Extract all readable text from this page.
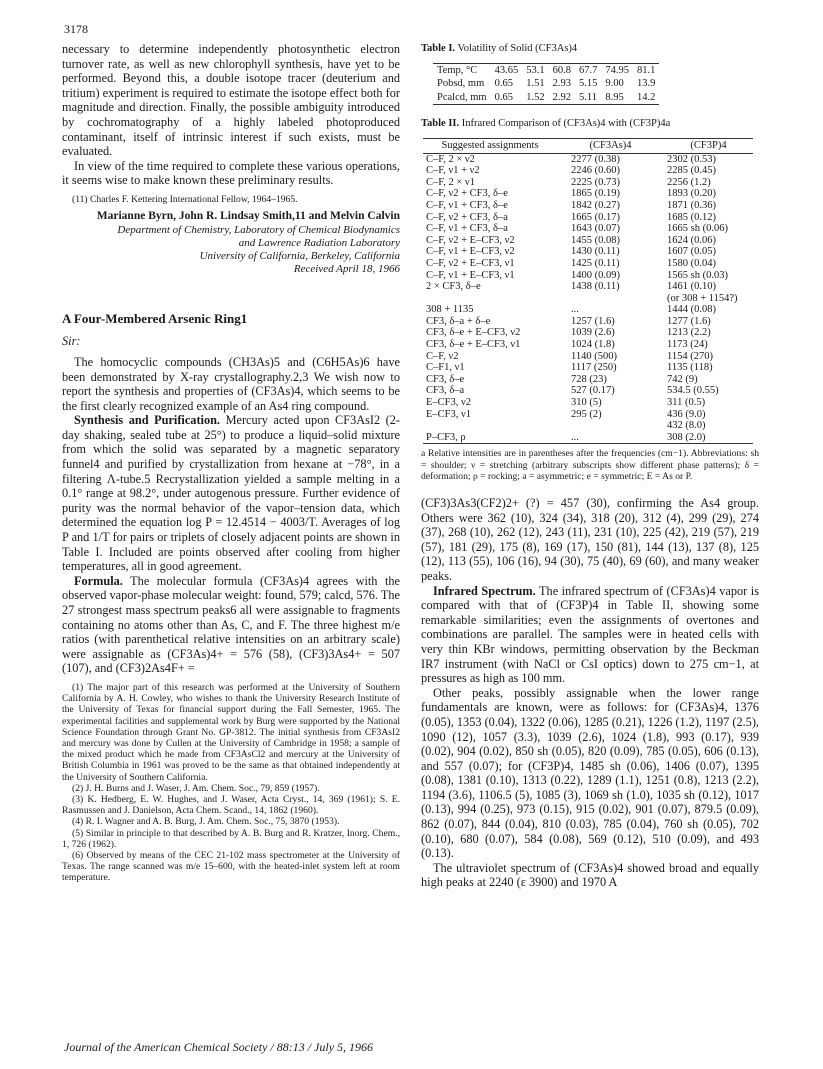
3178

necessary to determine independently photosynthetic electron turnover rate, as well as new chlorophyll synthesis, have yet to be performed. Beyond this, a double isotope tracer (deuterium and tritium) experiment is required to estimate the isotope effect both for magnitude and direction. Finally, the possible ambiguity introduced by cochromatography of a highly labeled photoproduced contaminant, itself of intrinsic interest if such exists, must be evaluated.

In view of the time required to complete these various operations, it seems wise to make known these preliminary results.

(11) Charles F. Kettering International Fellow, 1964–1965.

Marianne Byrn, John R. Lindsay Smith,11 and Melvin Calvin
Department of Chemistry, Laboratory of Chemical Biodynamics
and Lawrence Radiation Laboratory
University of California, Berkeley, California
Received April 18, 1966
A Four-Membered Arsenic Ring1
Sir:

The homocyclic compounds (CH3As)5 and (C6H5As)6 have been demonstrated by X-ray crystallography.2,3 We wish now to report the synthesis and properties of (CF3As)4, which seems to be the first clearly recognized example of an As4 ring compound.

Synthesis and Purification. Mercury acted upon CF3AsI2 (2-day shaking, sealed tube at 25°) to produce a liquid–solid mixture from which the solid was separated by a magnetic separatory funnel4 and purified by crystallization from hexane at −78°, in a filtering Λ-tube.5 Recrystallization yielded a sample melting in a 0.1° range at 98.2°, under autogenous pressure. Further evidence of purity was the normal behavior of the vapor–tension data, which determined the equation log P = 12.4514 − 4003/T. Averages of log P and 1/T for pairs or triplets of closely adjacent points are shown in Table I. Included are points observed after cooling from higher temperatures, all in good agreement.

Formula. The molecular formula (CF3As)4 agrees with the observed vapor-phase molecular weight: found, 579; calcd, 576. The 27 strongest mass spectrum peaks6 all were assignable to fragments containing no atoms other than As, C, and F. The three highest m/e ratios (with parenthetical relative intensities on an arbitrary scale) were assignable as (CF3As)4+ = 576 (58), (CF3)3As4+ = 507 (107), and (CF3)2As4F+ =

(1) The major part of this research was performed at the University of Southern California by A. H. Cowley, who wishes to thank the University Research Institute of the University of Texas for financial support during the Fall Semester, 1965. The experimental facilities and supplemental work by Burg were supported by the National Science Foundation through Grant No. GP-3812. The initial synthesis from CF3AsI2 and mercury was done by Cullen at the University of Cambridge in 1958; a sample of the mixed product which he made from CF3AsCl2 and mercury at the University of British Columbia in 1961 was proved to be the same as that obtained independently at the University of Southern California.

(2) J. H. Burns and J. Waser, J. Am. Chem. Soc., 79, 859 (1957).

(3) K. Hedberg, E. W. Hughes, and J. Waser, Acta Cryst., 14, 369 (1961); S. E. Rasmussen and J. Danielson, Acta Chem. Scand., 14, 1862 (1960).

(4) R. I. Wagner and A. B. Burg, J. Am. Chem. Soc., 75, 3870 (1953).

(5) Similar in principle to that described by A. B. Burg and R. Kratzer, Inorg. Chem., 1, 726 (1962).

(6) Observed by means of the CEC 21-102 mass spectrometer at the University of Texas. The range scanned was m/e 15–600, with the heated-inlet system left at room temperature.

Table I. Volatility of Solid (CF3As)4
Temp, °C	43.65	53.1	60.8	67.7	74.95	81.1
Pobsd, mm	0.65	1.51	2.93	5.15	9.00	13.9
Pcalcd, mm	0.65	1.52	2.92	5.11	8.95	14.2
Table II. Infrared Comparison of (CF3As)4 with (CF3P)4a
Suggested assignments	(CF3As)4	(CF3P)4
C–F, 2 × ν2	2277 (0.38)	2302 (0.53)
C–F, ν1 + ν2	2246 (0.60)	2285 (0.45)
C–F, 2 × ν1	2225 (0.73)	2256 (1.2)
C–F, ν2 + CF3, δ–e	1865 (0.19)	1893 (0.20)
C–F, ν1 + CF3, δ–e	1842 (0.27)	1871 (0.36)
C–F, ν2 + CF3, δ–a	1665 (0.17)	1685 (0.12)
C–F, ν1 + CF3, δ–a	1643 (0.07)	1665 sh (0.06)
C–F, ν2 + E–CF3, ν2	1455 (0.08)	1624 (0.06)
C–F, ν1 + E–CF3, ν2	1430 (0.11)	1607 (0.05)
C–F, ν2 + E–CF3, ν1	1425 (0.11)	1580 (0.04)
C–F, ν1 + E–CF3, ν1	1400 (0.09)	1565 sh (0.03)
2 × CF3, δ–e	1438 (0.11)	1461 (0.10)
		(or 308 + 1154?)
308 + 1135	...	1444 (0.08)
CF3, δ–a + δ–e	1257 (1.6)	1277 (1.6)
CF3, δ–e + E–CF3, ν2	1039 (2.6)	1213 (2.2)
CF3, δ–e + E–CF3, ν1	1024 (1.8)	1173 (24)
C–F, ν2	1140 (500)	1154 (270)
C–F1, ν1	1117 (250)	1135 (118)
CF3, δ–e	728 (23)	742 (9)
CF3, δ–a	527 (0.17)	534.5 (0.55)
E–CF3, ν2	310 (5)	311 (0.5)
E–CF3, ν1	295 (2)	436 (9.0)
		432 (8.0)
P–CF3, ρ	...	308 (2.0)
a Relative intensities are in parentheses after the frequencies (cm−1). Abbreviations: sh = shoulder; ν = stretching (arbitrary subscripts show different phase patterns); δ = deformation; ρ = rocking; a = asymmetric; e = symmetric; E = As or P.

(CF3)3As3(CF2)2+ (?) = 457 (30), confirming the As4 group. Others were 362 (10), 324 (34), 318 (20), 312 (4), 299 (29), 274 (37), 268 (10), 262 (12), 243 (11), 231 (10), 225 (42), 219 (57), 219 (57), 181 (29), 175 (8), 169 (17), 150 (81), 144 (13), 137 (8), 125 (12), 113 (55), 106 (16), 94 (30), 75 (40), 69 (60), and many weaker peaks.

Infrared Spectrum. The infrared spectrum of (CF3As)4 vapor is compared with that of (CF3P)4 in Table II, showing some remarkable similarities; even the assignments of overtones and combinations are parallel. The samples were in heated cells with very thin KBr windows, permitting observation by the Beckman IR7 instrument (with NaCl or CsI optics) down to 275 cm−1, at pressures as high as 100 mm.

Other peaks, possibly assignable when the lower range fundamentals are known, were as follows: for (CF3As)4, 1376 (0.05), 1353 (0.04), 1322 (0.06), 1285 (0.21), 1226 (1.2), 1197 (2.5), 1090 (12), 1057 (3.3), 1039 (2.6), 1024 (1.8), 993 (0.17), 939 (0.02), 904 (0.02), 850 sh (0.05), 820 (0.09), 785 (0.05), 606 (0.13), and 557 (0.07); for (CF3P)4, 1485 sh (0.06), 1406 (0.07), 1395 (0.08), 1381 (0.10), 1313 (0.22), 1289 (1.1), 1251 (0.8), 1213 (2.2), 1194 (3.6), 1106.5 (5), 1085 (3), 1069 sh (1.0), 1035 sh (0.12), 1017 (0.13), 994 (0.25), 973 (0.15), 915 (0.02), 901 (0.07), 879.5 (0.09), 862 (0.07), 844 (0.04), 810 (0.03), 785 (0.04), 760 sh (0.05), 702 (0.10), 680 (0.07), 584 (0.08), 569 (0.12), 510 (0.09), and 493 (0.13).

The ultraviolet spectrum of (CF3As)4 showed broad and equally high peaks at 2240 (ε 3900) and 1970 A

Journal of the American Chemical Society / 88:13 / July 5, 1966
